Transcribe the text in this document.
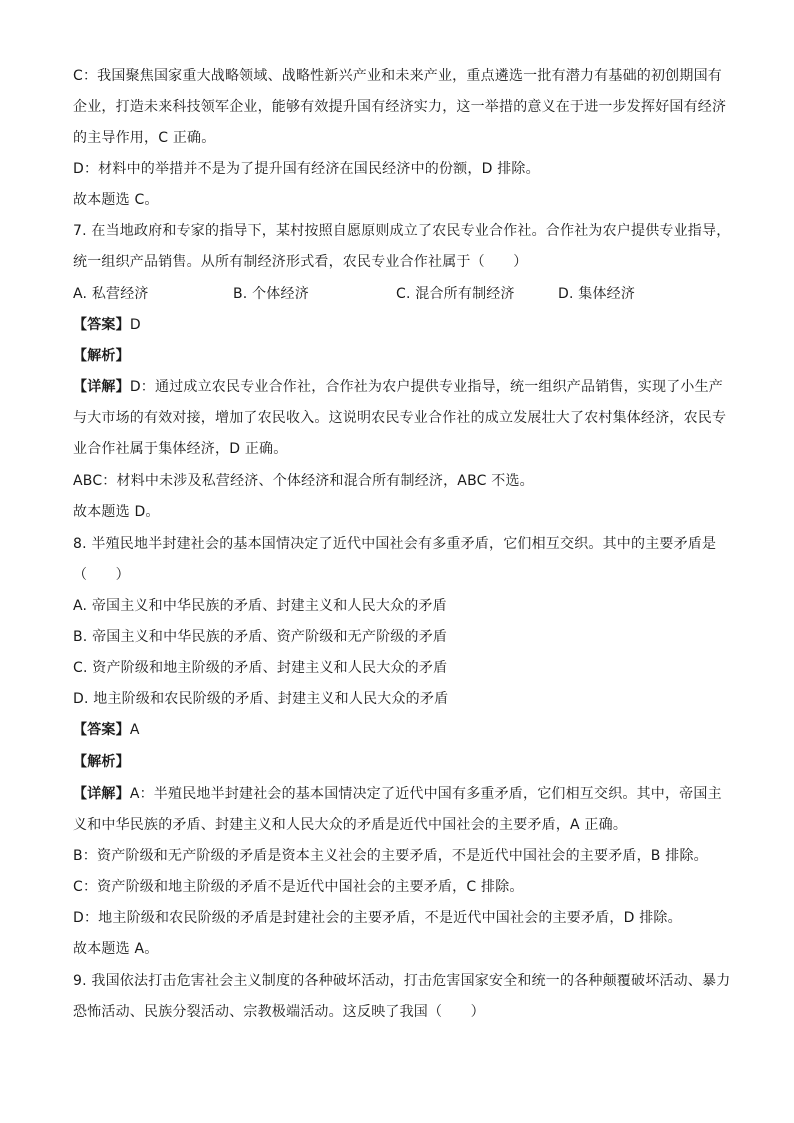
C：我国聚焦国家重大战略领域、战略性新兴产业和未来产业，重点遴选一批有潜力有基础的初创期国有
企业，打造未来科技领军企业，能够有效提升国有经济实力，这一举措的意义在于进一步发挥好国有经济
的主导作用，C 正确。
D：材料中的举措并不是为了提升国有经济在国民经济中的份额，D 排除。
故本题选 C。
7. 在当地政府和专家的指导下，某村按照自愿原则成立了农民专业合作社。合作社为农户提供专业指导，
统一组织产品销售。从所有制经济形式看，农民专业合作社属于（　　）
A. 私营经济	B. 个体经济	C. 混合所有制经济	D. 集体经济
【答案】D
【解析】
【详解】D：通过成立农民专业合作社，合作社为农户提供专业指导，统一组织产品销售，实现了小生产
与大市场的有效对接，增加了农民收入。这说明农民专业合作社的成立发展壮大了农村集体经济，农民专
业合作社属于集体经济，D 正确。
ABC：材料中未涉及私营经济、个体经济和混合所有制经济，ABC 不选。
故本题选 D。
8. 半殖民地半封建社会的基本国情决定了近代中国社会有多重矛盾，它们相互交织。其中的主要矛盾是
（　　）
A. 帝国主义和中华民族的矛盾、封建主义和人民大众的矛盾
B. 帝国主义和中华民族的矛盾、资产阶级和无产阶级的矛盾
C. 资产阶级和地主阶级的矛盾、封建主义和人民大众的矛盾
D. 地主阶级和农民阶级的矛盾、封建主义和人民大众的矛盾
【答案】A
【解析】
【详解】A：半殖民地半封建社会的基本国情决定了近代中国有多重矛盾，它们相互交织。其中，帝国主
义和中华民族的矛盾、封建主义和人民大众的矛盾是近代中国社会的主要矛盾，A 正确。
B：资产阶级和无产阶级的矛盾是资本主义社会的主要矛盾，不是近代中国社会的主要矛盾，B 排除。
C：资产阶级和地主阶级的矛盾不是近代中国社会的主要矛盾，C 排除。
D：地主阶级和农民阶级的矛盾是封建社会的主要矛盾，不是近代中国社会的主要矛盾，D 排除。
故本题选 A。
9. 我国依法打击危害社会主义制度的各种破坏活动，打击危害国家安全和统一的各种颠覆破坏活动、暴力
恐怖活动、民族分裂活动、宗教极端活动。这反映了我国（　　）
